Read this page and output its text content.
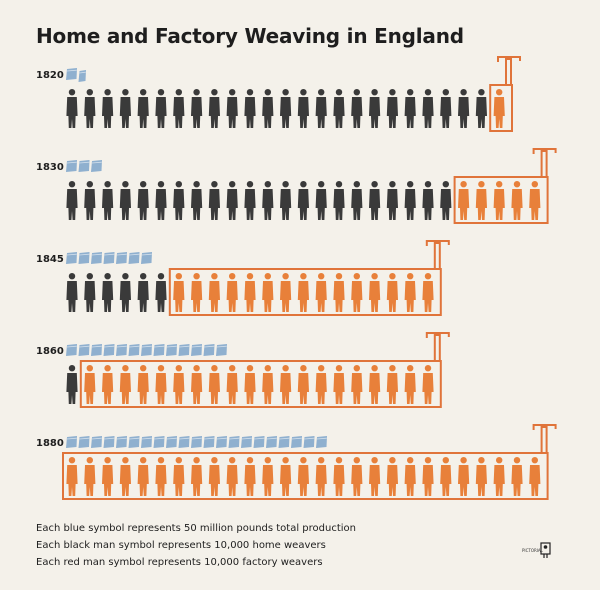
Home and Factory Weaving in England
1820
1830
1845
1860
1880
Each blue symbol represents 50 million pounds total production
Each black man symbol represents 10,000 home weavers
Each red man symbol represents 10,000 factory weavers
PICTORIAL
